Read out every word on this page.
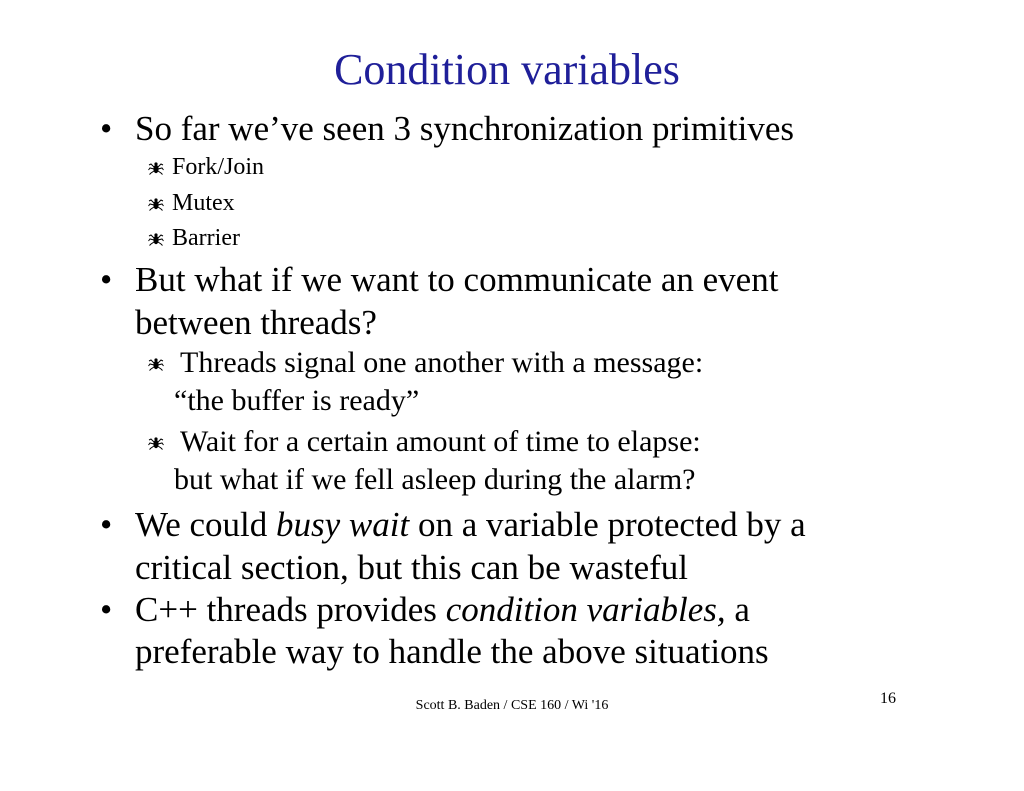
Condition variables
• So far we’ve seen 3 synchronization primitives
Fork/Join
Mutex
Barrier
• But what if we want to communicate an event
between threads?
Threads signal one another with a message:
“the buffer is ready”
Wait for a certain amount of time to elapse:
but what if we fell asleep during the alarm?
• We could busy wait on a variable protected by a
critical section, but this can be wasteful
• C++ threads provides condition variables, a
preferable way to handle the above situations
Scott B. Baden / CSE 160 / Wi '16	16
